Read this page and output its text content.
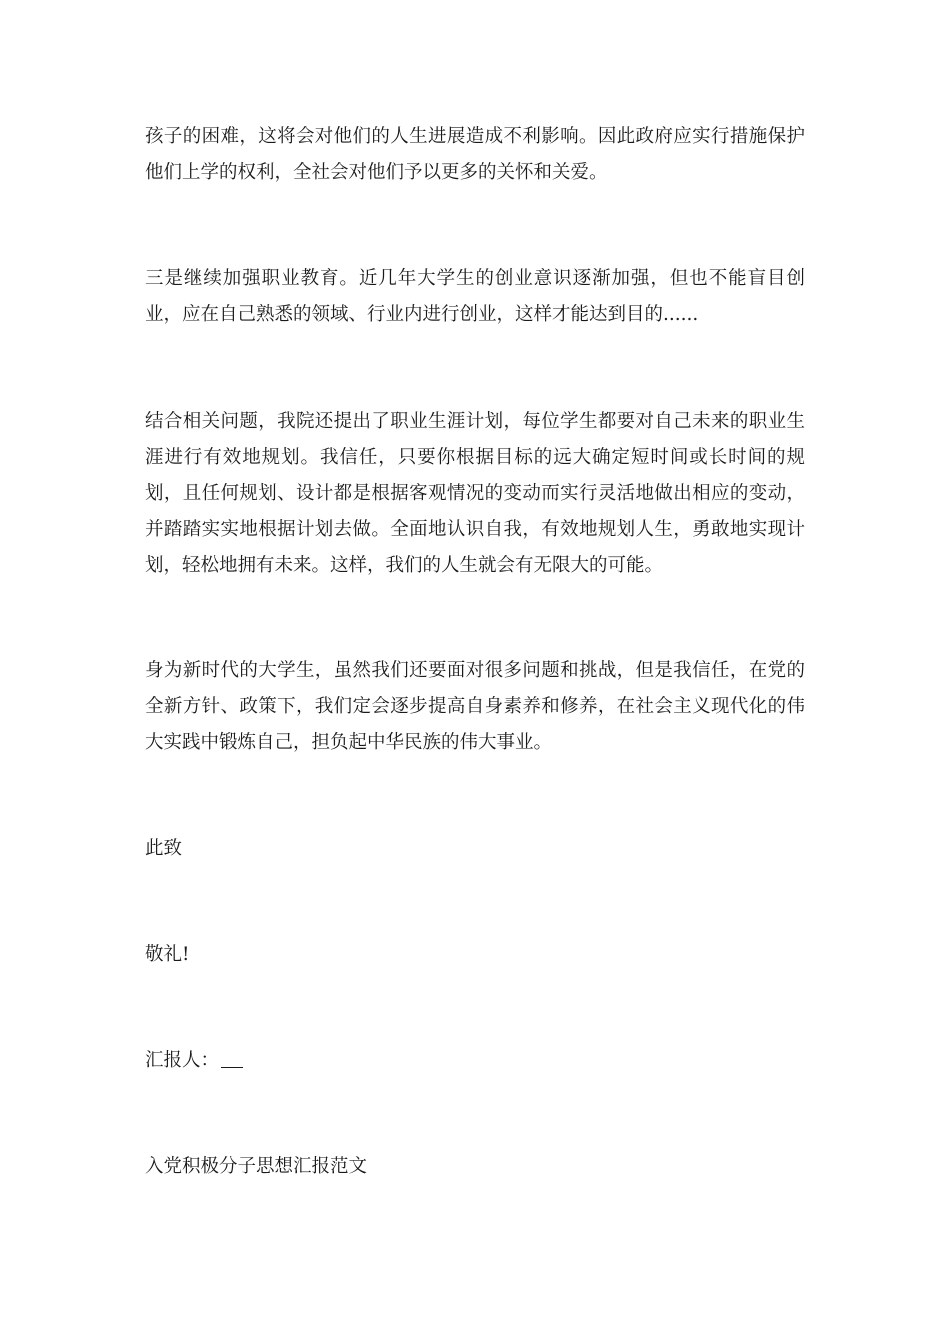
孩子的困难，这将会对他们的人生进展造成不利影响。因此政府应实行措施保护他们上学的权利，全社会对他们予以更多的关怀和关爱。

三是继续加强职业教育。近几年大学生的创业意识逐渐加强，但也不能盲目创业，应在自己熟悉的领域、行业内进行创业，这样才能达到目的......

结合相关问题，我院还提出了职业生涯计划，每位学生都要对自己未来的职业生涯进行有效地规划。我信任，只要你根据目标的远大确定短时间或长时间的规划，且任何规划、设计都是根据客观情况的变动而实行灵活地做出相应的变动，并踏踏实实地根据计划去做。全面地认识自我，有效地规划人生，勇敢地实现计划，轻松地拥有未来。这样，我们的人生就会有无限大的可能。

身为新时代的大学生，虽然我们还要面对很多问题和挑战，但是我信任，在党的全新方针、政策下，我们定会逐步提高自身素养和修养，在社会主义现代化的伟大实践中锻炼自己，担负起中华民族的伟大事业。

此致

敬礼!

汇报人：

入党积极分子思想汇报范文
